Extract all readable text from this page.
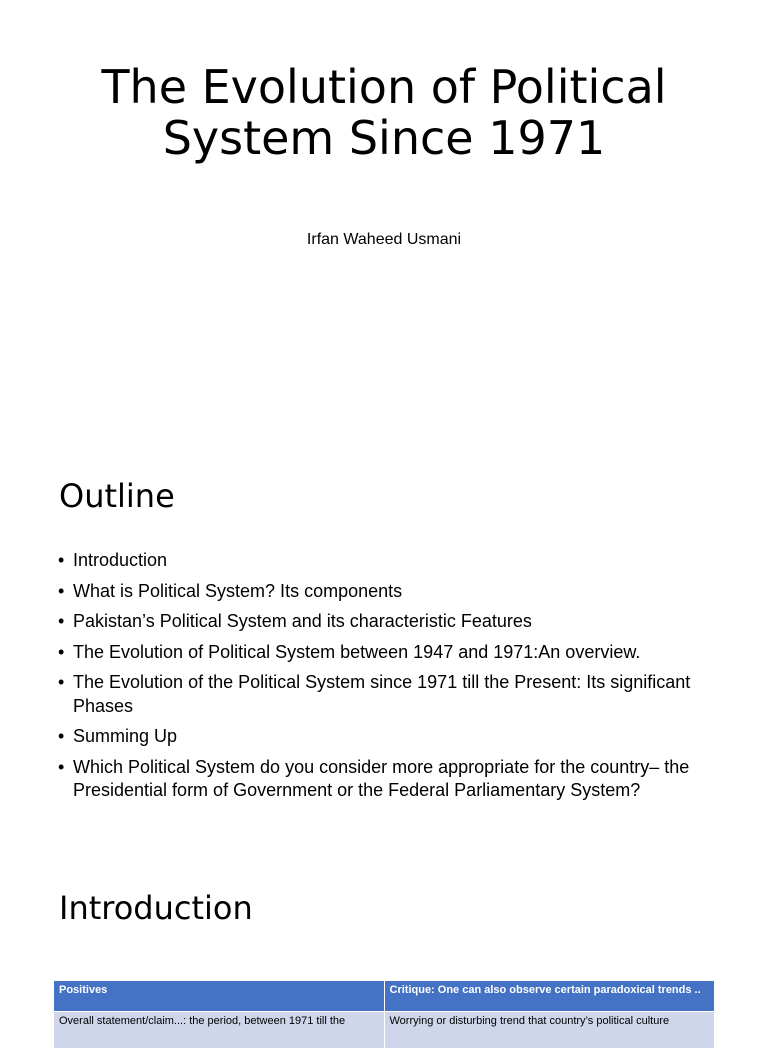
The Evolution of Political System Since 1971
Irfan Waheed Usmani
Outline
• Introduction
• What is Political System? Its components
• Pakistan’s Political System and its characteristic Features
• The Evolution of Political System between 1947 and 1971:An overview.
• The Evolution of the Political System since 1971 till the Present: Its significant Phases
• Summing Up
• Which Political System do you consider more appropriate for the country– the Presidential form of Government or the Federal Parliamentary System?
Introduction
Positives	Critique: One can also observe certain paradoxical trends ..
Overall statement/claim...: the period, between 1971 till the	Worrying or disturbing trend that country’s political culture
